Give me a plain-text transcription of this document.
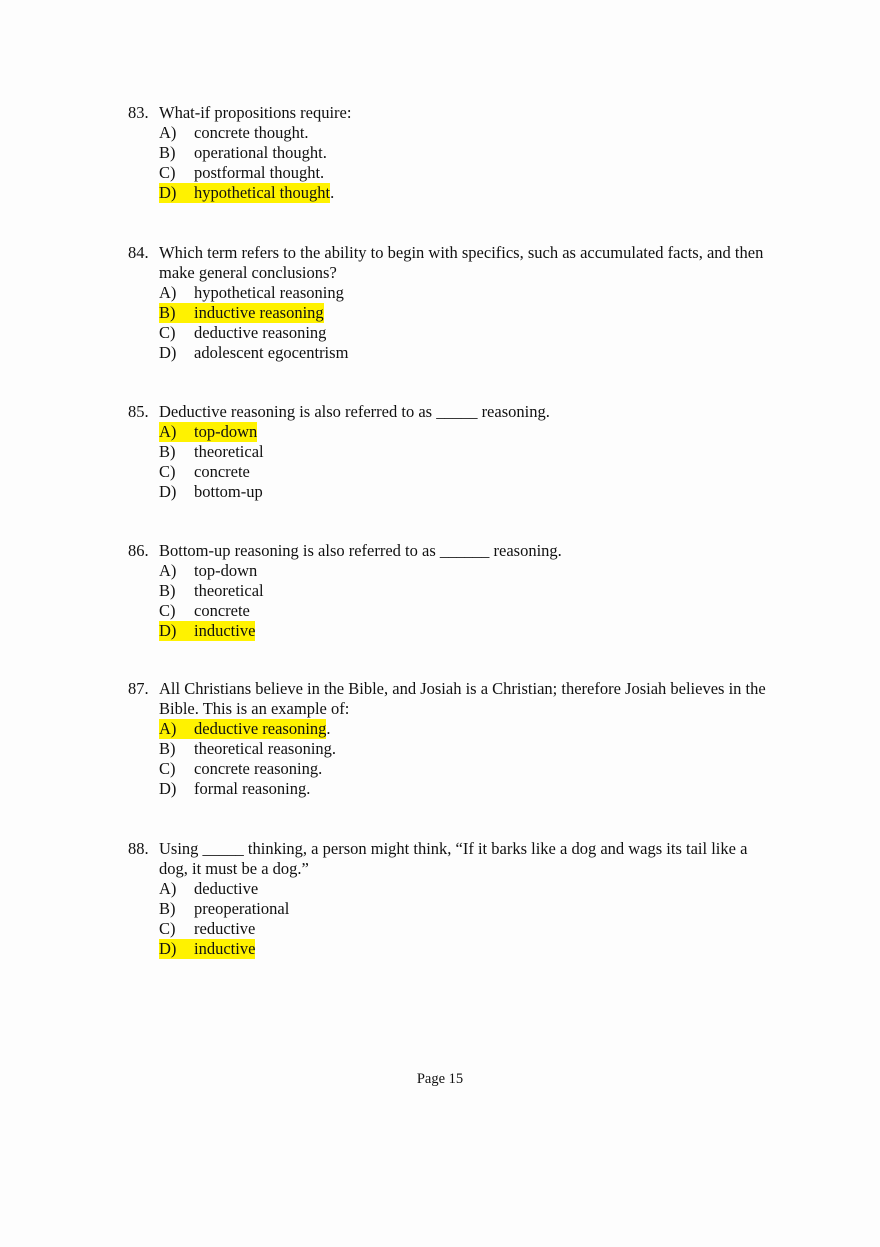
83. What-if propositions require:
A)	concrete thought.
B)	operational thought.
C)	postformal thought.
D)	hypothetical thought .
84. Which term refers to the ability to begin with specifics, such as accumulated facts, and then make general conclusions?
A)	hypothetical reasoning
B)	inductive reasoning
C)	deductive reasoning
D)	adolescent egocentrism
85. Deductive reasoning is also referred to as _____ reasoning.
A)	top-down
B)	theoretical
C)	concrete
D)	bottom-up
86. Bottom-up reasoning is also referred to as ______ reasoning.
A)	top-down
B)	theoretical
C)	concrete
D)	inductive
87. All Christians believe in the Bible, and Josiah is a Christian; therefore Josiah believes in the Bible. This is an example of:
A)	deductive reasoning .
B)	theoretical reasoning.
C)	concrete reasoning.
D)	formal reasoning.
88. Using _____ thinking, a person might think, “If it barks like a dog and wags its tail like a dog, it must be a dog.”
A)	deductive
B)	preoperational
C)	reductive
D)	inductive
Page 15
